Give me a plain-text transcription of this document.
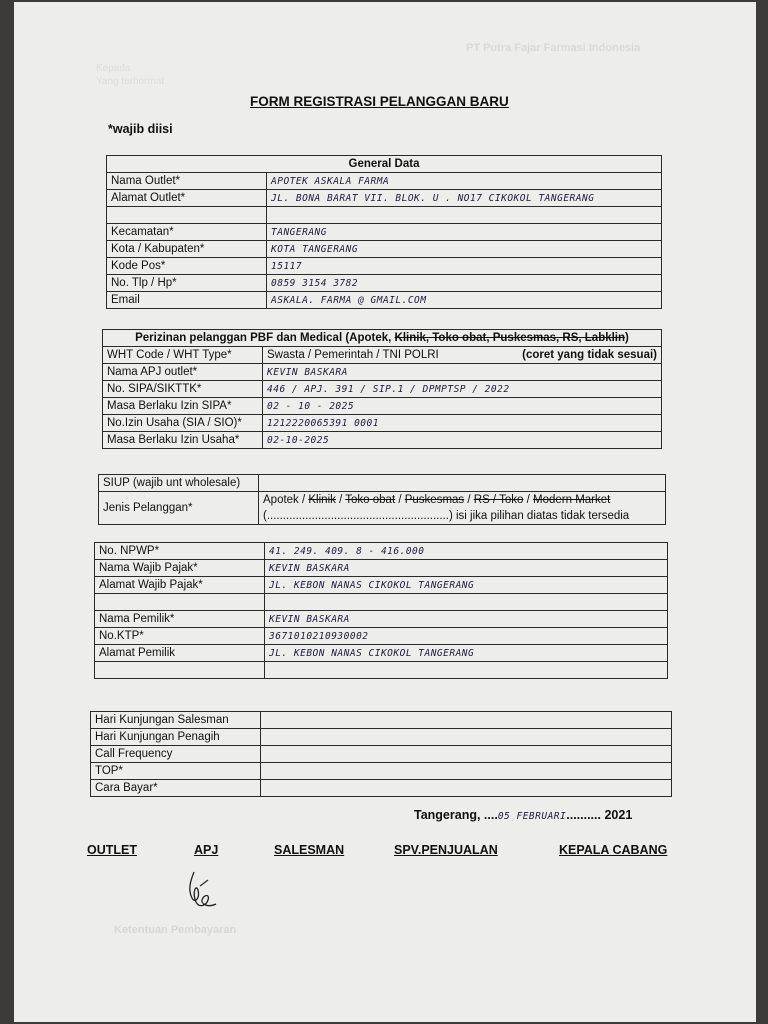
PT Putra Fajar Farmasi Indonesia
Kepada
Yang terhormat
Ketentuan Pembayaran
FORM REGISTRASI PELANGGAN BARU
*wajib diisi
General Data	
Nama Outlet*	APOTEK ASKALA FARMA
Alamat Outlet*	JL. BONA BARAT VII. BLOK. U . NO17 CIKOKOL TANGERANG

Kecamatan*	TANGERANG
Kota / Kabupaten*	KOTA TANGERANG
Kode Pos*	15117
No. Tlp / Hp*	0859 3154 3782
Email	ASKALA. FARMA @ GMAIL.COM
Perizinan pelanggan PBF dan Medical (Apotek, Klinik, Toko obat, Puskesmas, RS, Labklin)	
WHT Code / WHT Type*	Swasta / Pemerintah / TNI POLRI (coret yang tidak sesuai)

Nama APJ outlet*	KEVIN BASKARA
No. SIPA/SIKTTK*	446 / APJ. 391 / SIP.1 / DPMPTSP / 2022
Masa Berlaku Izin SIPA*	02 - 10 - 2025
No.Izin Usaha (SIA / SIO)*	1212220065391 0001
Masa Berlaku Izin Usaha*	02-10-2025
SIUP (wajib unt wholesale)	
Jenis Pelanggan*	Apotek / Klinik / Toko obat / Puskesmas / RS / Toko / Modern Market
(.........................................................) isi jika pilihan diatas tidak tersedia
No. NPWP*	41. 249. 409. 8 - 416.000
Nama Wajib Pajak*	KEVIN BASKARA
Alamat Wajib Pajak*	JL. KEBON NANAS CIKOKOL TANGERANG

Nama Pemilik*	KEVIN BASKARA
No.KTP*	3671010210930002
Alamat Pemilik	JL. KEBON NANAS CIKOKOL TANGERANG

Hari Kunjungan Salesman	
Hari Kunjungan Penagih	
Call Frequency	
TOP*	
Cara Bayar*	
Tangerang, ....05 FEBRUARI.......... 2021
OUTLET	APJ	SALESMAN	SPV.PENJUALAN	KEPALA CABANG
